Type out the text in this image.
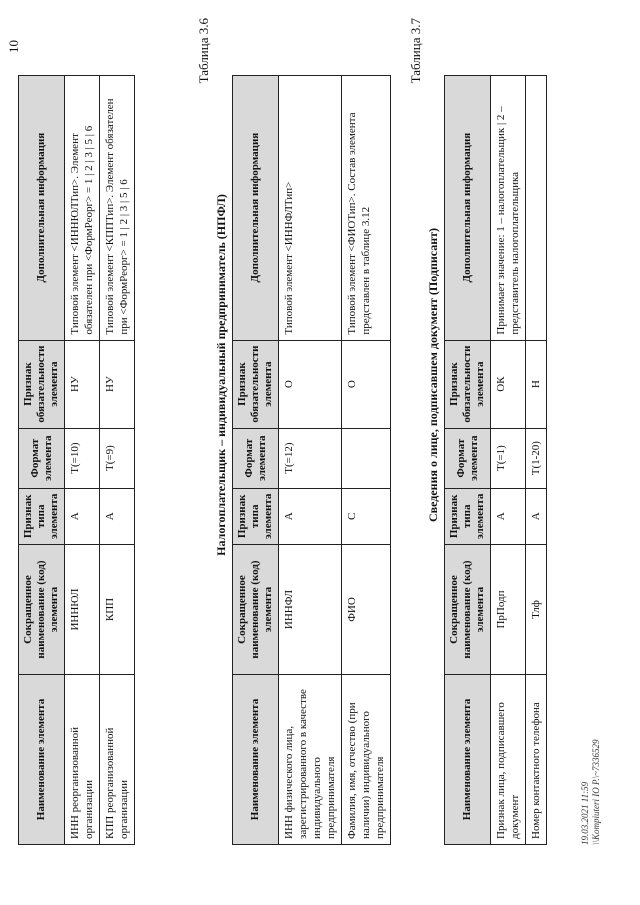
10
Наименование элемента	Сокращенное наименование (код) элемента	Признак типа элемента	Формат элемента	Признак обязательности элемента	Дополнительная информация
ИНН реорганизованной организации	ИННЮЛ	А	T(=10)	НУ	Типовой элемент <ИННЮЛТип>. Элемент обязателен при <ФормРеорг> = 1 | 2 | 3 | 5 | 6
КПП реорганизованной организации	КПП	А	T(=9)	НУ	Типовой элемент <КППТип>. Элемент обязателен при <ФормРеорг> = 1 | 2 | 3 | 5 | 6
Таблица 3.6
Налогоплательщик – индивидуальный предприниматель (НПФЛ)
Наименование элемента	Сокращенное наименование (код) элемента	Признак типа элемента	Формат элемента	Признак обязательности элемента	Дополнительная информация
ИНН физического лица, зарегистрированного в качестве индивидуального предпринимателя	ИННФЛ	А	T(=12)	О	Типовой элемент <ИННФЛТип>
Фамилия, имя, отчество (при наличии) индивидуального предпринимателя	ФИО	С		О	Типовой элемент <ФИОТип>. Состав элемента представлен в таблице 3.12
Таблица 3.7
Сведения о лице, подписавшем документ (Подписант)
Наименование элемента	Сокращенное наименование (код) элемента	Признак типа элемента	Формат элемента	Признак обязательности элемента	Дополнительная информация
Признак лица, подписавшего документ	ПрПодп	А	T(=1)	ОК	Принимает значение: 1 – налогоплательщик | 2 – представитель налогоплательщика
Номер контактного телефона	Тлф	А	T(1-20)	Н	
19.03.2021 11:59 \\Kompiuteri IO P.\~7336529
